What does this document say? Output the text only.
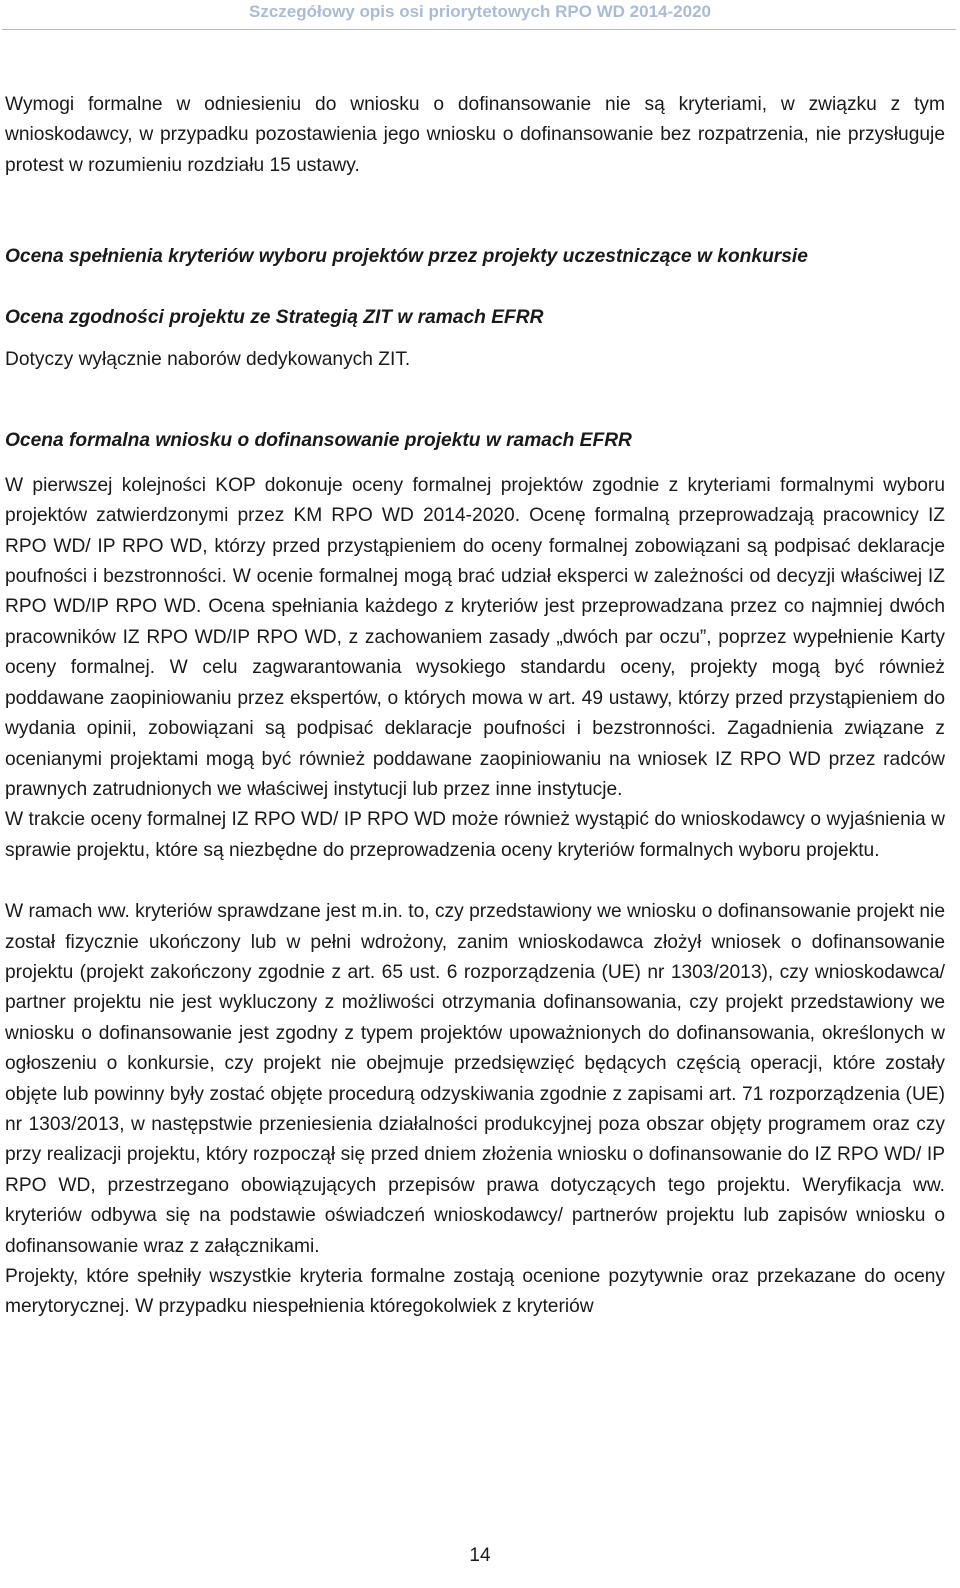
Szczegółowy opis osi priorytetowych RPO WD 2014-2020

Wymogi formalne w odniesieniu do wniosku o dofinansowanie nie są kryteriami, w związku z tym wnioskodawcy, w przypadku pozostawienia jego wniosku o dofinansowanie bez rozpatrzenia, nie przysługuje protest w rozumieniu rozdziału 15 ustawy.

Ocena spełnienia kryteriów wyboru projektów przez projekty uczestniczące w konkursie

Ocena zgodności projektu ze Strategią ZIT w ramach EFRR

Dotyczy wyłącznie naborów dedykowanych ZIT.

Ocena formalna wniosku o dofinansowanie projektu w ramach EFRR

W pierwszej kolejności KOP dokonuje oceny formalnej projektów zgodnie z kryteriami formalnymi wyboru projektów zatwierdzonymi przez KM RPO WD 2014-2020. Ocenę formalną przeprowadzają pracownicy IZ RPO WD/ IP RPO WD, którzy przed przystąpieniem do oceny formalnej zobowiązani są podpisać deklaracje poufności i bezstronności. W ocenie formalnej mogą brać udział eksperci w zależności od decyzji właściwej IZ RPO WD/IP RPO WD. Ocena spełniania każdego z kryteriów jest przeprowadzana przez co najmniej dwóch pracowników IZ RPO WD/IP RPO WD, z zachowaniem zasady „dwóch par oczu”, poprzez wypełnienie Karty oceny formalnej. W celu zagwarantowania wysokiego standardu oceny, projekty mogą być również poddawane zaopiniowaniu przez ekspertów, o których mowa w art. 49 ustawy, którzy przed przystąpieniem do wydania opinii, zobowiązani są podpisać deklaracje poufności i bezstronności. Zagadnienia związane z ocenianymi projektami mogą być również poddawane zaopiniowaniu na wniosek IZ RPO WD przez radców prawnych zatrudnionych we właściwej instytucji lub przez inne instytucje.

W trakcie oceny formalnej IZ RPO WD/ IP RPO WD może również wystąpić do wnioskodawcy o wyjaśnienia w sprawie projektu, które są niezbędne do przeprowadzenia oceny kryteriów formalnych wyboru projektu.

W ramach ww. kryteriów sprawdzane jest m.in. to, czy przedstawiony we wniosku o dofinansowanie projekt nie został fizycznie ukończony lub w pełni wdrożony, zanim wnioskodawca złożył wniosek o dofinansowanie projektu (projekt zakończony zgodnie z art. 65 ust. 6 rozporządzenia (UE) nr 1303/2013), czy wnioskodawca/ partner projektu nie jest wykluczony z możliwości otrzymania dofinansowania, czy projekt przedstawiony we wniosku o dofinansowanie jest zgodny z typem projektów upoważnionych do dofinansowania, określonych w ogłoszeniu o konkursie, czy projekt nie obejmuje przedsięwzięć będących częścią operacji, które zostały objęte lub powinny były zostać objęte procedurą odzyskiwania zgodnie z zapisami art. 71 rozporządzenia (UE) nr 1303/2013, w następstwie przeniesienia działalności produkcyjnej poza obszar objęty programem oraz czy przy realizacji projektu, który rozpoczął się przed dniem złożenia wniosku o dofinansowanie do IZ RPO WD/ IP RPO WD, przestrzegano obowiązujących przepisów prawa dotyczących tego projektu. Weryfikacja ww. kryteriów odbywa się na podstawie oświadczeń wnioskodawcy/ partnerów projektu lub zapisów wniosku o dofinansowanie wraz z załącznikami.

Projekty, które spełniły wszystkie kryteria formalne zostają ocenione pozytywnie oraz przekazane do oceny merytorycznej. W przypadku niespełnienia któregokolwiek z kryteriów

14
